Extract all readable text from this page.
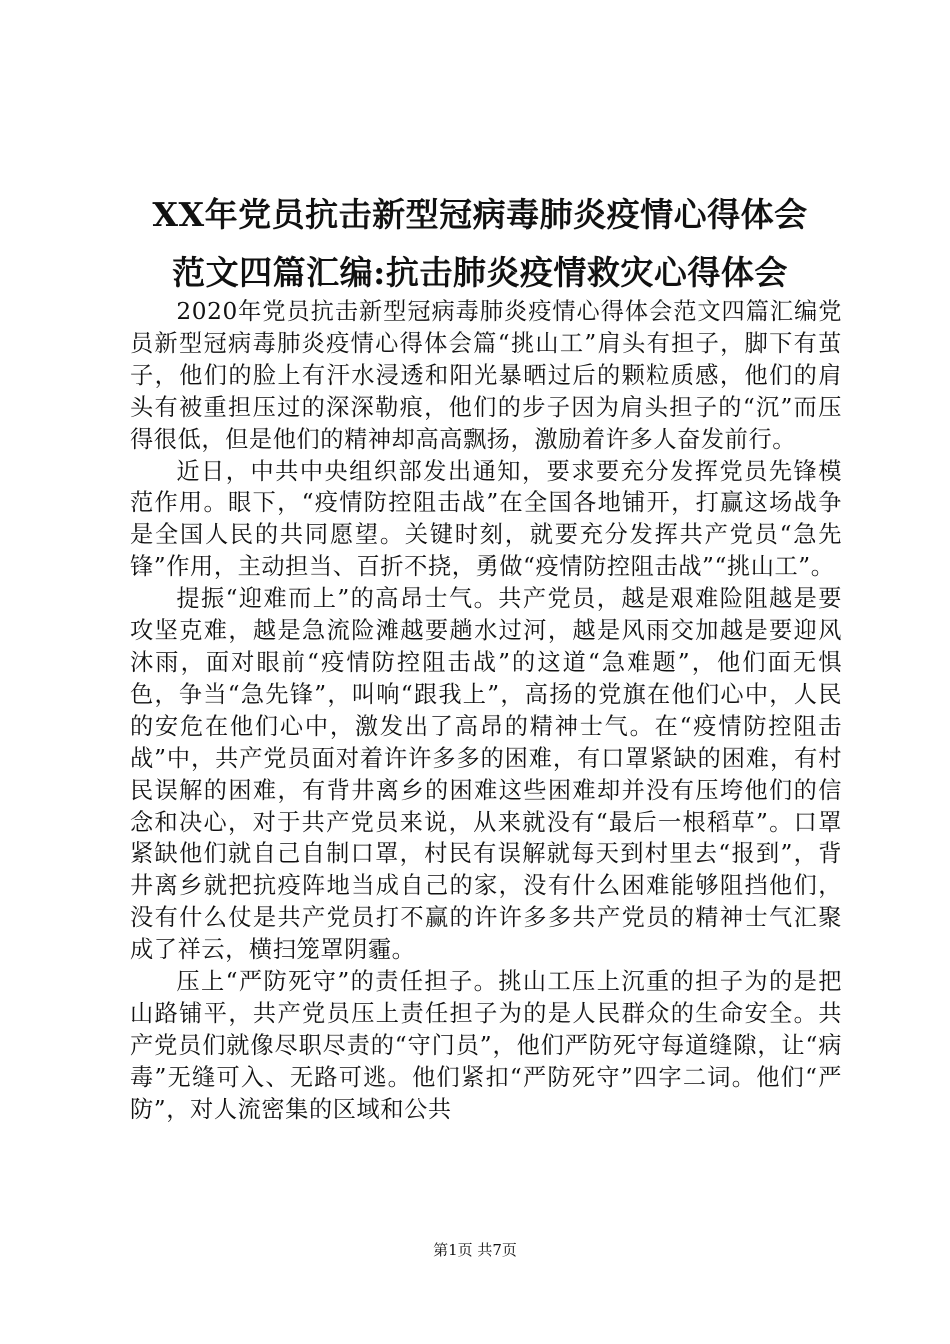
XX年党员抗击新型冠病毒肺炎疫情心得体会
范文四篇汇编:抗击肺炎疫情救灾心得体会

2020年党员抗击新型冠病毒肺炎疫情心得体会范文四篇汇编党员新型冠病毒肺炎疫情心得体会篇“挑山工”肩头有担子，脚下有茧子，他们的脸上有汗水浸透和阳光暴晒过后的颗粒质感，他们的肩头有被重担压过的深深勒痕，他们的步子因为肩头担子的“沉”而压得很低，但是他们的精神却高高飘扬，激励着许多人奋发前行。

近日，中共中央组织部发出通知，要求要充分发挥党员先锋模范作用。眼下，“疫情防控阻击战”在全国各地铺开，打赢这场战争是全国人民的共同愿望。关键时刻，就要充分发挥共产党员“急先锋”作用，主动担当、百折不挠，勇做“疫情防控阻击战”“挑山工”。

提振“迎难而上”的高昂士气。共产党员，越是艰难险阻越是要攻坚克难，越是急流险滩越要趟水过河，越是风雨交加越是要迎风沐雨，面对眼前“疫情防控阻击战”的这道“急难题”，他们面无惧色，争当“急先锋”，叫响“跟我上”，高扬的党旗在他们心中，人民的安危在他们心中，激发出了高昂的精神士气。在“疫情防控阻击战”中，共产党员面对着许许多多的困难，有口罩紧缺的困难，有村民误解的困难，有背井离乡的困难这些困难却并没有压垮他们的信念和决心，对于共产党员来说，从来就没有“最后一根稻草”。口罩紧缺他们就自己自制口罩，村民有误解就每天到村里去“报到”，背井离乡就把抗疫阵地当成自己的家，没有什么困难能够阻挡他们，没有什么仗是共产党员打不赢的许许多多共产党员的精神士气汇聚成了祥云，横扫笼罩阴霾。

压上“严防死守”的责任担子。挑山工压上沉重的担子为的是把山路铺平，共产党员压上责任担子为的是人民群众的生命安全。共产党员们就像尽职尽责的“守门员”，他们严防死守每道缝隙，让“病毒”无缝可入、无路可逃。他们紧扣“严防死守”四字二词。他们“严防”，对人流密集的区域和公共

第1页 共7页
